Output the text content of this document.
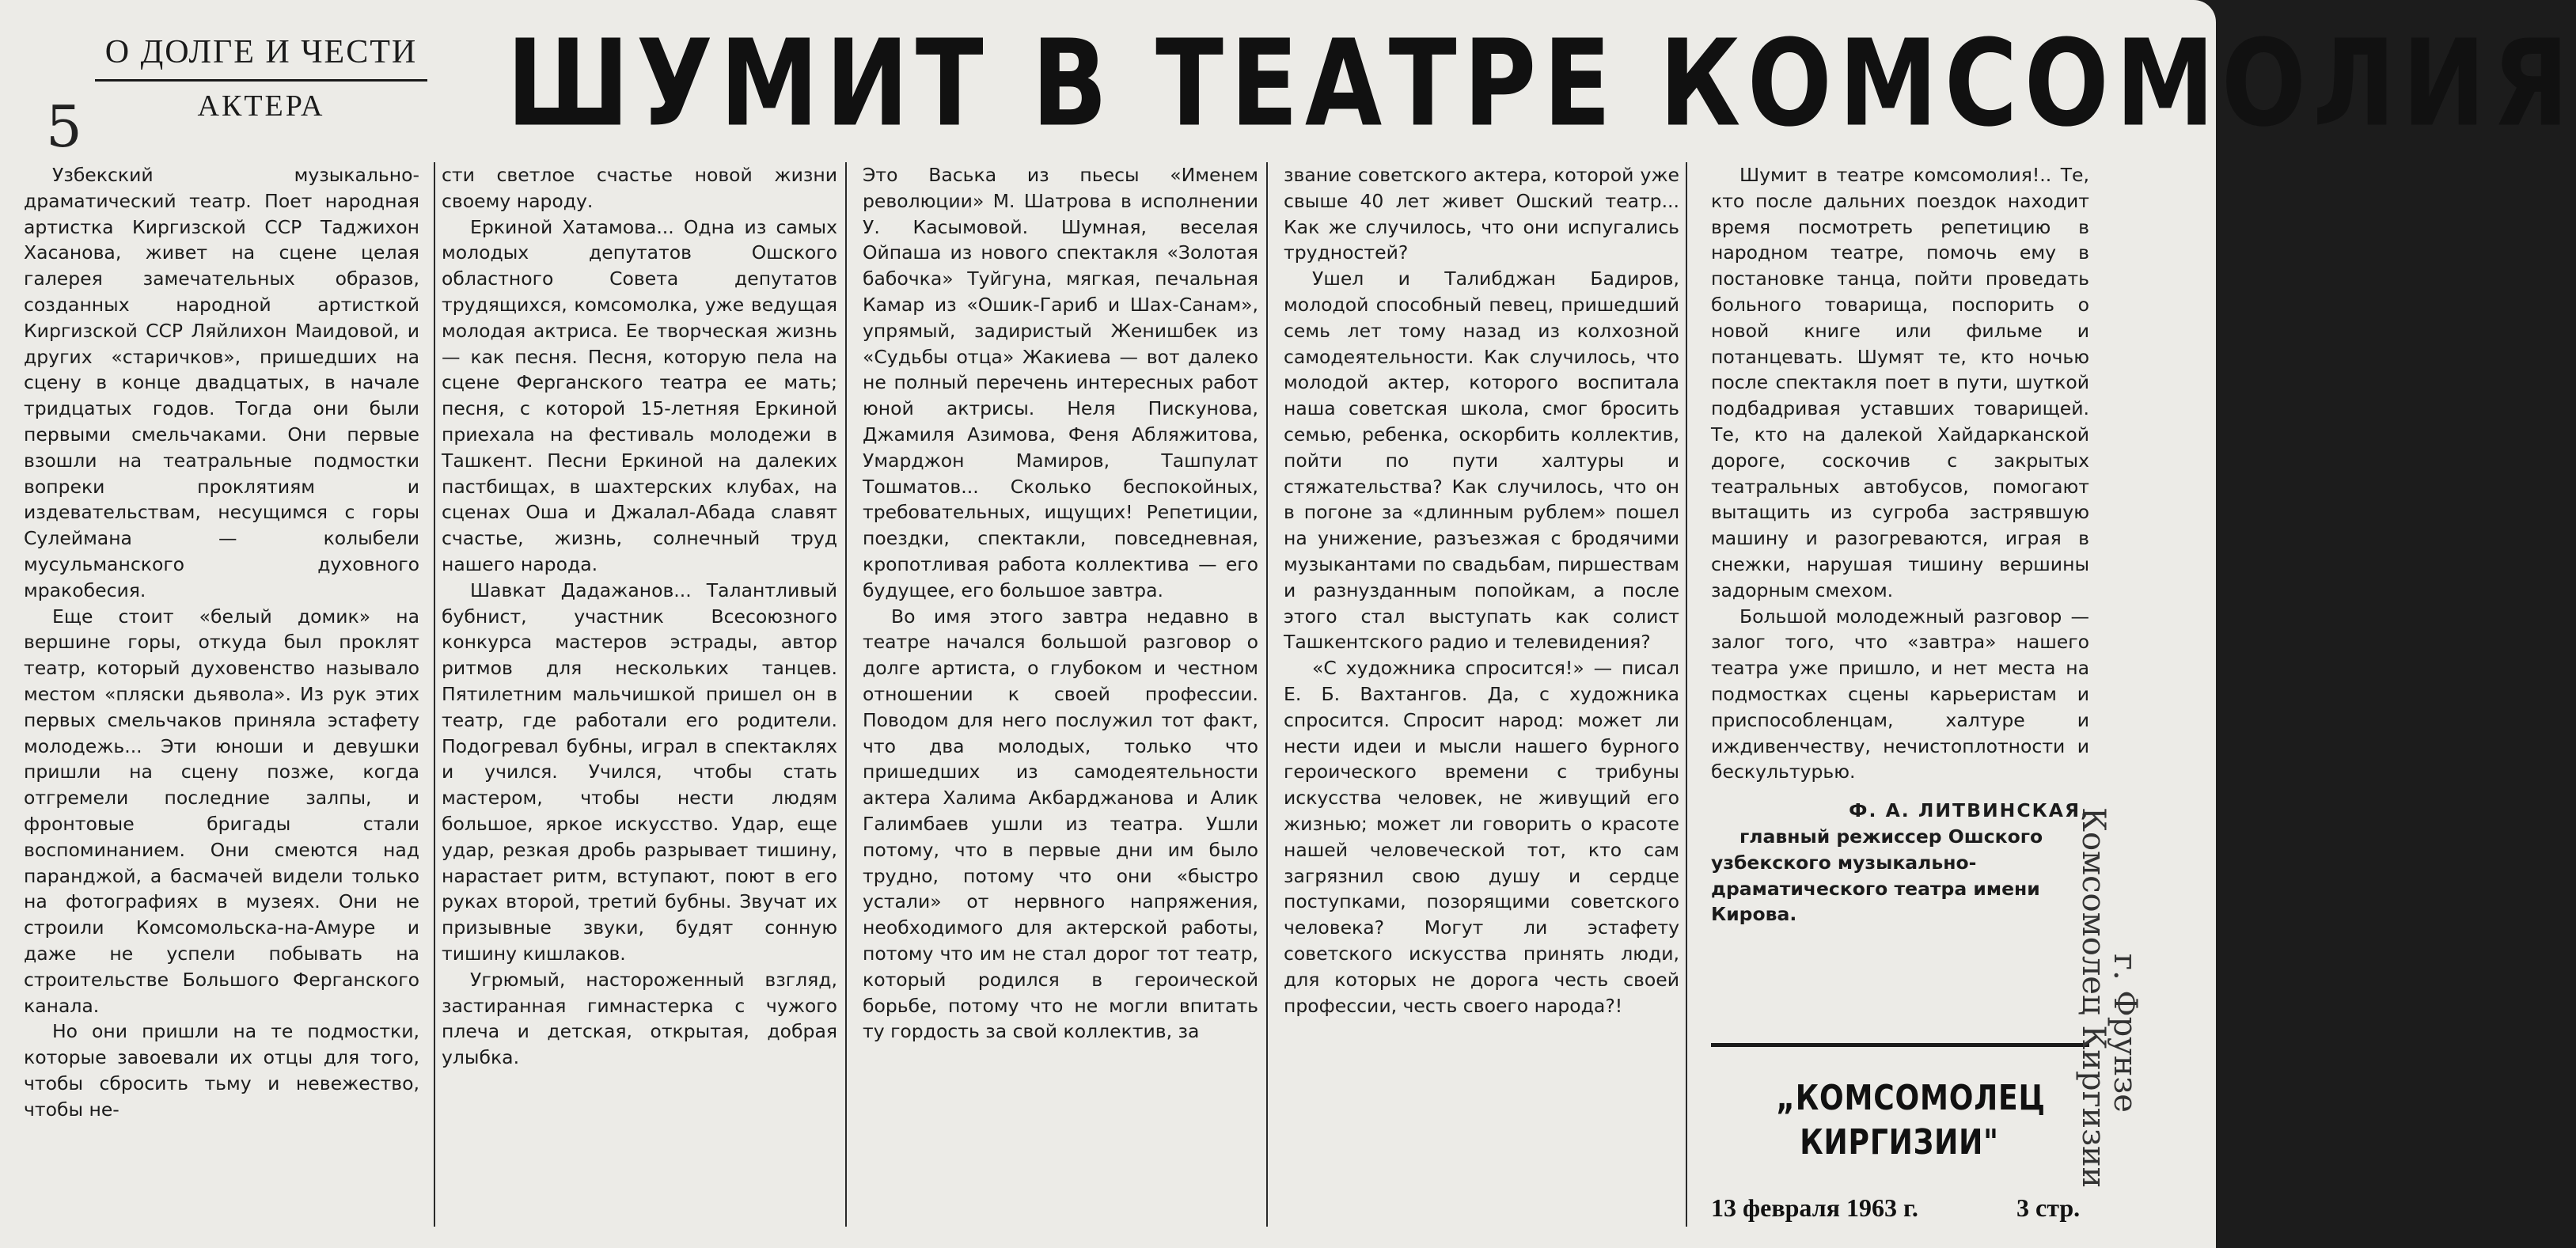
О ДОЛГЕ И ЧЕСТИ
АКТЕРА
5	ШУМИТ В ТЕАТРЕ КОМСОМОЛИЯ

Узбекский музыкально-драматический театр. Поет народная артистка Киргизской ССР Таджихон Хасанова, живет на сцене целая галерея замечательных образов, созданных народной артисткой Киргизской ССР Ляйлихон Маидовой, и других «старичков», пришедших на сцену в конце двадцатых, в начале тридцатых годов. Тогда они были первыми смельчаками. Они первые взошли на театральные подмостки вопреки проклятиям и издевательствам, несущимся с горы Сулеймана — колыбели мусульманского духовного мракобесия.

Еще стоит «белый домик» на вершине горы, откуда был проклят театр, который духовенство называло местом «пляски дьявола». Из рук этих первых смельчаков приняла эстафету молодежь... Эти юноши и девушки пришли на сцену позже, когда отгремели последние залпы, и фронтовые бригады стали воспоминанием. Они смеются над паранджой, а басмачей видели только на фотографиях в музеях. Они не строили Комсомольска-на-Амуре и даже не успели побывать на строительстве Большого Ферганского канала.

Но они пришли на те подмостки, которые завоевали их отцы для того, чтобы сбросить тьму и невежество, чтобы не-

сти светлое счастье новой жизни своему народу.

Еркиной Хатамова... Одна из самых молодых депутатов Ошского областного Совета депутатов трудящихся, комсомолка, уже ведущая молодая актриса. Ее творческая жизнь — как песня. Песня, которую пела на сцене Ферганского театра ее мать; песня, с которой 15-летняя Еркиной приехала на фестиваль молодежи в Ташкент. Песни Еркиной на далеких пастбищах, в шахтерских клубах, на сценах Оша и Джалал-Абада славят счастье, жизнь, солнечный труд нашего народа.

Шавкат Дадажанов... Талантливый бубнист, участник Всесоюзного конкурса мастеров эстрады, автор ритмов для нескольких танцев. Пятилетним мальчишкой пришел он в театр, где работали его родители. Подогревал бубны, играл в спектаклях и учился. Учился, чтобы стать мастером, чтобы нести людям большое, яркое искусство. Удар, еще удар, резкая дробь разрывает тишину, нарастает ритм, вступают, поют в его руках второй, третий бубны. Звучат их призывные звуки, будят сонную тишину кишлаков.

Угрюмый, настороженный взгляд, застиранная гимнастерка с чужого плеча и детская, открытая, добрая улыбка.

Это Васька из пьесы «Именем революции» М. Шатрова в исполнении У. Касымовой. Шумная, веселая Ойпаша из нового спектакля «Золотая бабочка» Туйгуна, мягкая, печальная Камар из «Ошик-Гариб и Шах-Санам», упрямый, задиристый Женишбек из «Судьбы отца» Жакиева — вот далеко не полный перечень интересных работ юной актрисы. Неля Пискунова, Джамиля Азимова, Феня Абляжитова, Умарджон Мамиров, Ташпулат Тошматов... Сколько беспокойных, требовательных, ищущих! Репетиции, поездки, спектакли, повседневная, кропотливая работа коллектива — его будущее, его большое завтра.

Во имя этого завтра недавно в театре начался большой разговор о долге артиста, о глубоком и честном отношении к своей профессии. Поводом для него послужил тот факт, что два молодых, только что пришедших из самодеятельности актера Халима Акбарджанова и Алик Галимбаев ушли из театра. Ушли потому, что в первые дни им было трудно, потому что они «быстро устали» от нервного напряжения, необходимого для актерской работы, потому что им не стал дорог тот театр, который родился в героической борьбе, потому что не могли впитать ту гордость за свой коллектив, за

звание советского актера, которой уже свыше 40 лет живет Ошский театр... Как же случилось, что они испугались трудностей?

Ушел и Талибджан Бадиров, молодой способный певец, пришедший семь лет тому назад из колхозной самодеятельности. Как случилось, что молодой актер, которого воспитала наша советская школа, смог бросить семью, ребенка, оскорбить коллектив, пойти по пути халтуры и стяжательства? Как случилось, что он в погоне за «длинным рублем» пошел на унижение, разъезжая с бродячими музыкантами по свадьбам, пиршествам и разнузданным попойкам, а после этого стал выступать как солист Ташкентского радио и телевидения?

«С художника спросится!» — писал Е. Б. Вахтангов. Да, с художника спросится. Спросит народ: может ли нести идеи и мысли нашего бурного героического времени с трибуны искусства человек, не живущий его жизнью; может ли говорить о красоте нашей человеческой тот, кто сам загрязнил свою душу и сердце поступками, позорящими советского человека? Могут ли эстафету советского искусства принять люди, для которых не дорога честь своей профессии, честь своего народа?!

Шумит в театре комсомолия!.. Те, кто после дальних поездок находит время посмотреть репетицию в народном театре, помочь ему в постановке танца, пойти проведать больного товарища, поспорить о новой книге или фильме и потанцевать. Шумят те, кто ночью после спектакля поет в пути, шуткой подбадривая уставших товарищей. Те, кто на далекой Хайдарканской дороге, соскочив с закрытых театральных автобусов, помогают вытащить из сугроба застрявшую машину и разогреваются, играя в снежки, нарушая тишину вершины задорным смехом.

Большой молодежный разговор — залог того, что «завтра» нашего театра уже пришло, и нет места на подмостках сцены карьеристам и приспособленцам, халтуре и иждивенчеству, нечистоплотности и бескультурью.

Ф. А. ЛИТВИНСКАЯ,

главный режиссер Ошского узбекского музыкально-драматического театра имени Кирова.

„КОМСОМОЛЕЦ
КИРГИЗИИ"
13 февраля 1963 г.	3 стр.
Комсомолец Киргизии
г. Фрунзе
